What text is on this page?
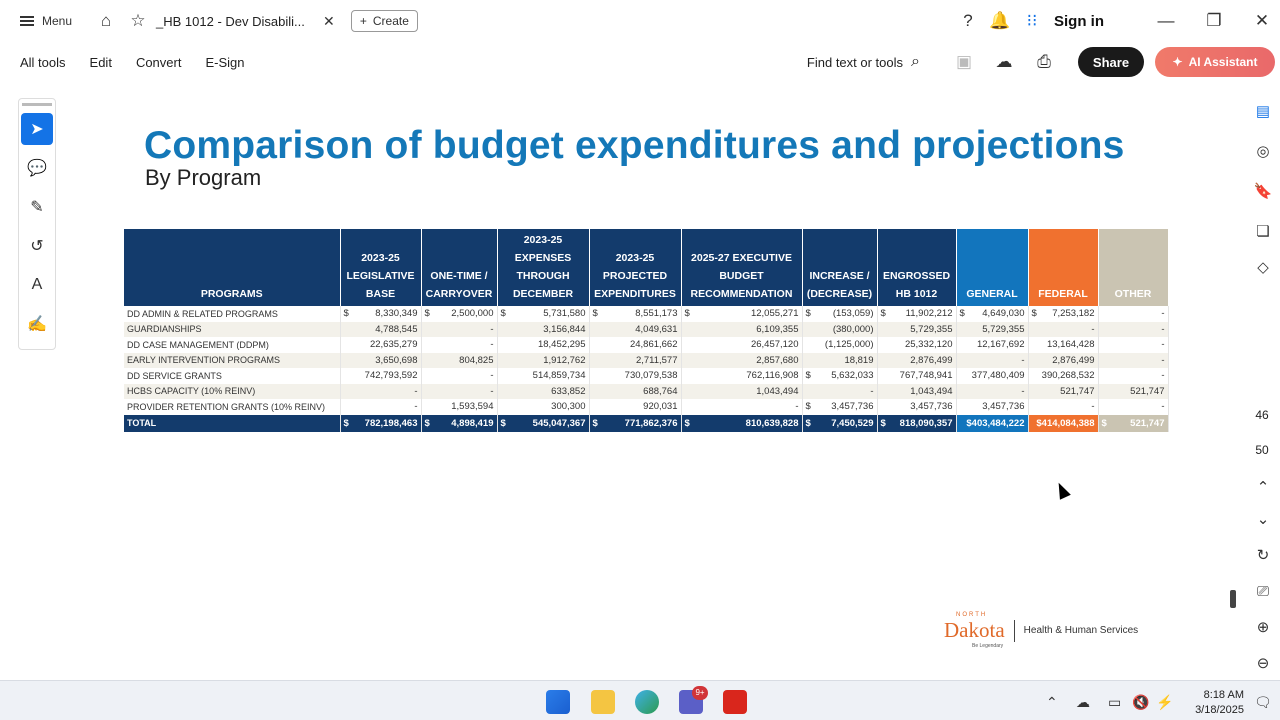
Menu ⌂ ☆ _HB 1012 - Dev Disabili... ✕	+ Create	? 🔔 ⁝⁝	Sign in	— ❐ ✕
All tools Edit Convert E-Sign	Find text or tools ⌕ ▣ ☁ ⎙	Share	✦ AI Assistant
➤
💬
✎
↺
A
✍
▤
◎
🔖
❏
◇
46
50
⌃
⌄
↻
⎚
⊕
⊖
Comparison of budget expenditures and projections
By Program
PROGRAMS	2023-25 LEGISLATIVE BASE	ONE-TIME / CARRYOVER	2023-25 EXPENSES THROUGH DECEMBER	2023-25 PROJECTED EXPENDITURES	2025-27 EXECUTIVE BUDGET RECOMMENDATION	INCREASE / (DECREASE)	ENGROSSED HB 1012	GENERAL	FEDERAL	OTHER
DD ADMIN & RELATED PROGRAMS	$ 8,330,349	$ 2,500,000	$ 5,731,580	$ 8,551,173	$ 12,055,271	$ (153,059)	$ 11,902,212	$ 4,649,030	$ 7,253,182	-
GUARDIANSHIPS	4,788,545	-	3,156,844	4,049,631	6,109,355	(380,000)	5,729,355	5,729,355	-	-
DD CASE MANAGEMENT (DDPM)	22,635,279	-	18,452,295	24,861,662	26,457,120	(1,125,000)	25,332,120	12,167,692	13,164,428	-
EARLY INTERVENTION PROGRAMS	3,650,698	804,825	1,912,762	2,711,577	2,857,680	18,819	2,876,499	-	2,876,499	-
DD SERVICE GRANTS	742,793,592	-	514,859,734	730,079,538	762,116,908	$ 5,632,033	767,748,941	377,480,409	390,268,532	-
HCBS CAPACITY (10% REINV)	-	-	633,852	688,764	1,043,494	-	1,043,494	-	521,747	521,747
PROVIDER RETENTION GRANTS (10% REINV)	-	1,593,594	300,300	920,031	-	$ 3,457,736	3,457,736	3,457,736	-	-
TOTAL	$ 782,198,463	$ 4,898,419	$ 545,047,367	$ 771,862,376	$ 810,639,828	$ 7,450,529	$ 818,090,357	$403,484,222	$414,084,388	$ 521,747
NORTH
Dakota
Be Legendary
Health & Human Services
9+
⌃ ☁ ▭ 🔇 ⚡	8:18 AM
3/18/2025 🗨
